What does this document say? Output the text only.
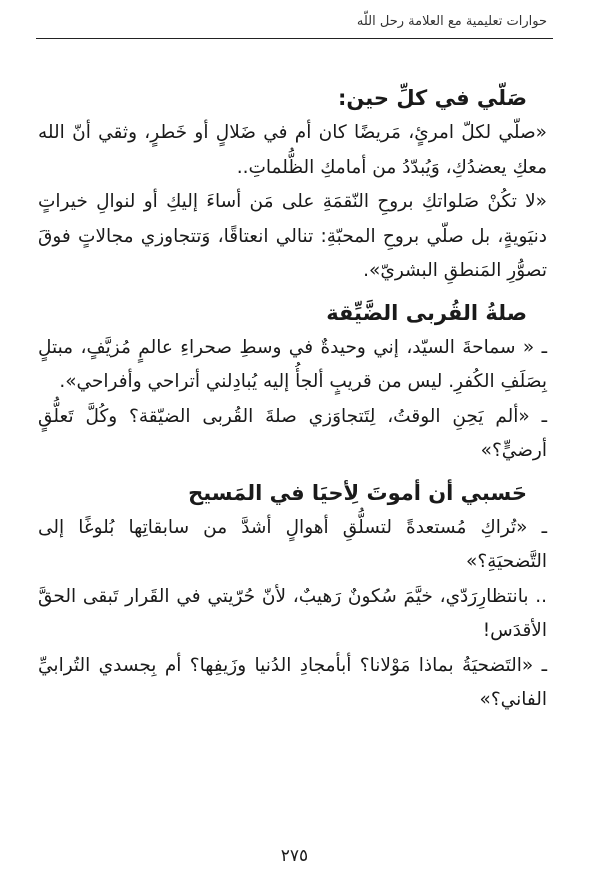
حوارات تعليمية مع العلامة رحل اللّه
صَلّي في كلِّ حين:

«صلّي لكلّ امرئٍ، مَريضًا كان أم في ضَلالٍ أو خَطرٍ، وثقي أنّ الله معكِ يعضدُكِ، وَيُبدّدُ من أمامكِ الظُّلماتِ..

«لا تكُنْ صَلواتكِ بروحِ النّقمَةِ على مَن أساءَ إليكِ أو لنوالِ خيراتٍ دنيَويةٍ، بل صلّي بروحِ المحبّةِ: تنالي انعتاقًا، وَتتجاوزي مجالاتٍ فوقَ تصوُّرِ المَنطقِ البشريّ».

صلةُ القُربى الضَّيِّقة

ـ « سماحةَ السيّد، إني وحيدةٌ في وسطِ صحراءِ عالمٍ مُزيَّفٍ، مبتلٍ بِصَلَفِ الكُفرِ. ليس من قريبٍ ألجأُ إليه يُبادِلني أتراحي وأفراحي».

ـ «ألم يَحِنِ الوقتُ، لِتَتجاوَزي صلةَ القُربى الضيّقة؟ وكُلَّ تَعلُّقٍ أرضيٍّ؟»

حَسبي أن أموتَ لِأحيَا في المَسيح

ـ «تُراكِ مُستعدةً لتسلُّقِ أهوالٍ أشدَّ من سابقاتِها بُلوغًا إلى التَّضحيَةِ؟»

.. بانتظارِرَدّي، خيَّمَ سُكونٌ رَهيبٌ، لأنّ حُرّيتي في القَرار تَبقى الحقَّ الأقدَس!

ـ «التَضحيَةُ بماذا مَوْلانا؟ أبأمجادِ الدُنيا وزَيفِها؟ أم بِجسدي التُرابيِّ الفاني؟»

٢٧٥
